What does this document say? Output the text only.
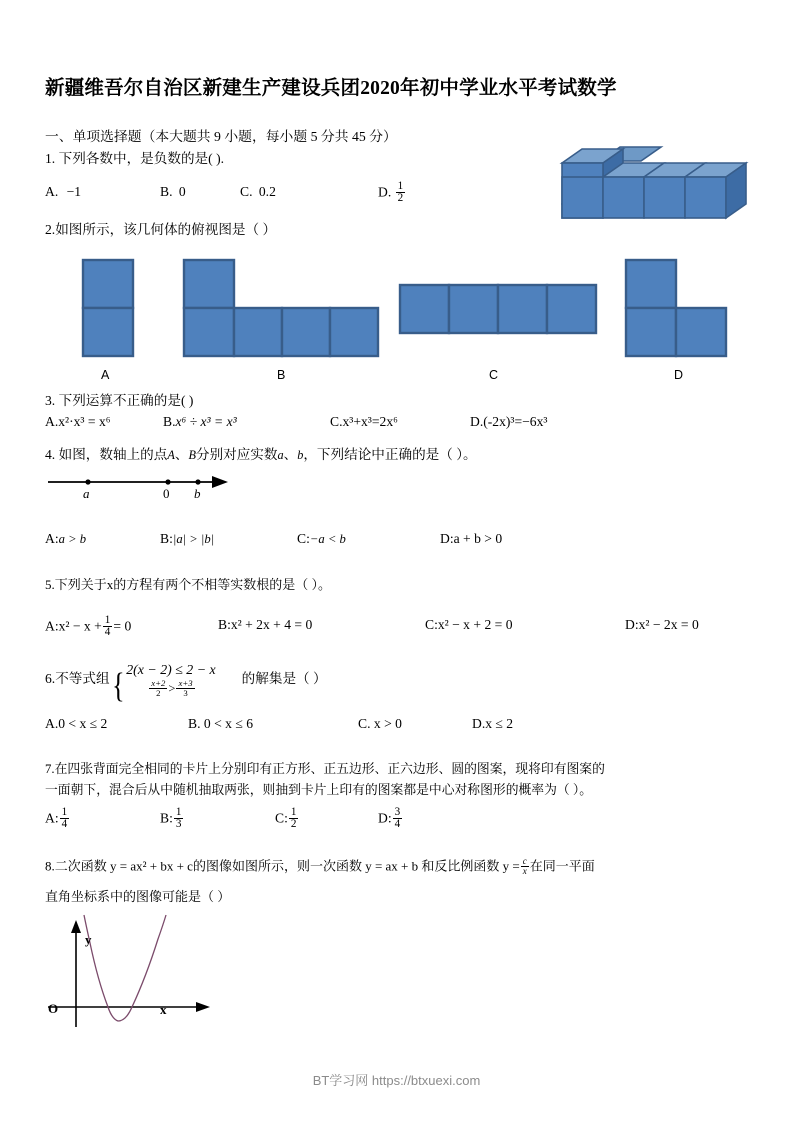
新疆维吾尔自治区新建生产建设兵团2020年初中学业水平考试数学
一、单项选择题（本大题共 9 小题，每小题 5 分共 45 分）
1. 下列各数中，是负数的是( ).
A. −1	B. 0	C. 0.2	D. $\frac{1}{2}$
2.如图所示，该几何体的俯视图是（ ）
A	B	C	D
3. 下列运算不正确的是( )
A.x²·x³ = x⁶	B.x⁶ ÷ x³ = x³	C.x³+x³=2x⁶	D.(-2x)³=−6x³
4. 如图，数轴上的点A、B分别对应实数a、b，下列结论中正确的是（ ）。
a	0 b
A:a > b	B:|a| > |b|	C:−a < b	D:a + b > 0
5.下列关于x的方程有两个不相等实数根的是（ ）。
A:x² − $x + \frac{1}{4} = 0$	B:x² + 2x + 4 = 0	C:x² − x + 2 = 0	D:x² − 2x = 0
6.不等式组{ 2(x − 2) ≤ 2 − x
$\frac{x+2}{2} > \frac{x+3}{3}$
的解集是（ ）
A.0 < x ≤ 2	B. 0 < x ≤ 6	C. x > 0	D.x ≤ 2
7.在四张背面完全相同的卡片上分别印有正方形、正五边形、正六边形、圆的图案，现将印有图案的
一面朝下，混合后从中随机抽取两张，则抽到卡片上印有的图案都是中心对称图形的概率为（ ）。
A: $\frac{1}{4}$	B: $\frac{1}{3}$	C: $\frac{1}{2}$	D: $\frac{3}{4}$
8.二次函数 y = ax² + bx + c的图像如图所示，则一次函数 y = ax + b 和反比例函数 $y = \frac{c}{x}$ 在同一平面
直角坐标系中的图像可能是（ ）
O
y
x
BT学习网 https://btxuexi.com
